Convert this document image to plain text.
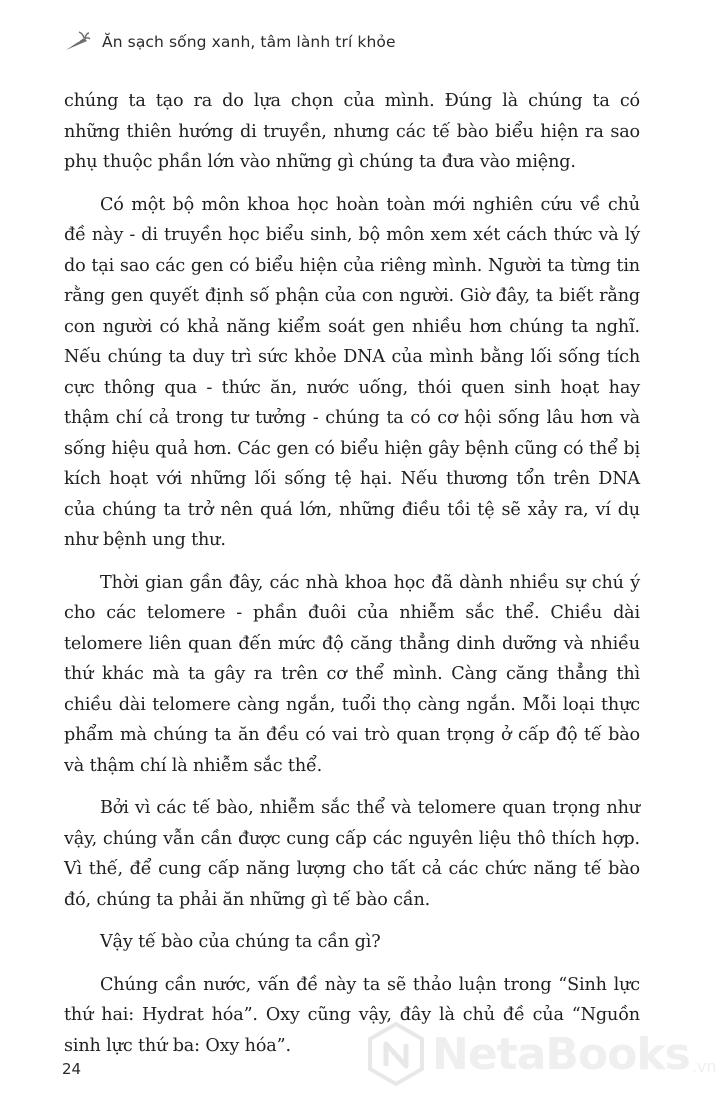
Ăn sạch sống xanh, tâm lành trí khỏe

chúng ta tạo ra do lựa chọn của mình. Đúng là chúng ta có những thiên hướng di truyền, nhưng các tế bào biểu hiện ra sao phụ thuộc phần lớn vào những gì chúng ta đưa vào miệng.

Có một bộ môn khoa học hoàn toàn mới nghiên cứu về chủ đề này - di truyền học biểu sinh, bộ môn xem xét cách thức và lý do tại sao các gen có biểu hiện của riêng mình. Người ta từng tin rằng gen quyết định số phận của con người. Giờ đây, ta biết rằng con người có khả năng kiểm soát gen nhiều hơn chúng ta nghĩ. Nếu chúng ta duy trì sức khỏe DNA của mình bằng lối sống tích cực thông qua - thức ăn, nước uống, thói quen sinh hoạt hay thậm chí cả trong tư tưởng - chúng ta có cơ hội sống lâu hơn và sống hiệu quả hơn. Các gen có biểu hiện gây bệnh cũng có thể bị kích hoạt với những lối sống tệ hại. Nếu thương tổn trên DNA của chúng ta trở nên quá lớn, những điều tồi tệ sẽ xảy ra, ví dụ như bệnh ung thư.

Thời gian gần đây, các nhà khoa học đã dành nhiều sự chú ý cho các telomere - phần đuôi của nhiễm sắc thể. Chiều dài telomere liên quan đến mức độ căng thẳng dinh dưỡng và nhiều thứ khác mà ta gây ra trên cơ thể mình. Càng căng thẳng thì chiều dài telomere càng ngắn, tuổi thọ càng ngắn. Mỗi loại thực phẩm mà chúng ta ăn đều có vai trò quan trọng ở cấp độ tế bào và thậm chí là nhiễm sắc thể.

Bởi vì các tế bào, nhiễm sắc thể và telomere quan trọng như vậy, chúng vẫn cần được cung cấp các nguyên liệu thô thích hợp. Vì thế, để cung cấp năng lượng cho tất cả các chức năng tế bào đó, chúng ta phải ăn những gì tế bào cần.

Vậy tế bào của chúng ta cần gì?

Chúng cần nước, vấn đề này ta sẽ thảo luận trong “Sinh lực thứ hai: Hydrat hóa”. Oxy cũng vậy, đây là chủ đề của “Nguồn sinh lực thứ ba: Oxy hóa”.

24	NetaBooks .vn
